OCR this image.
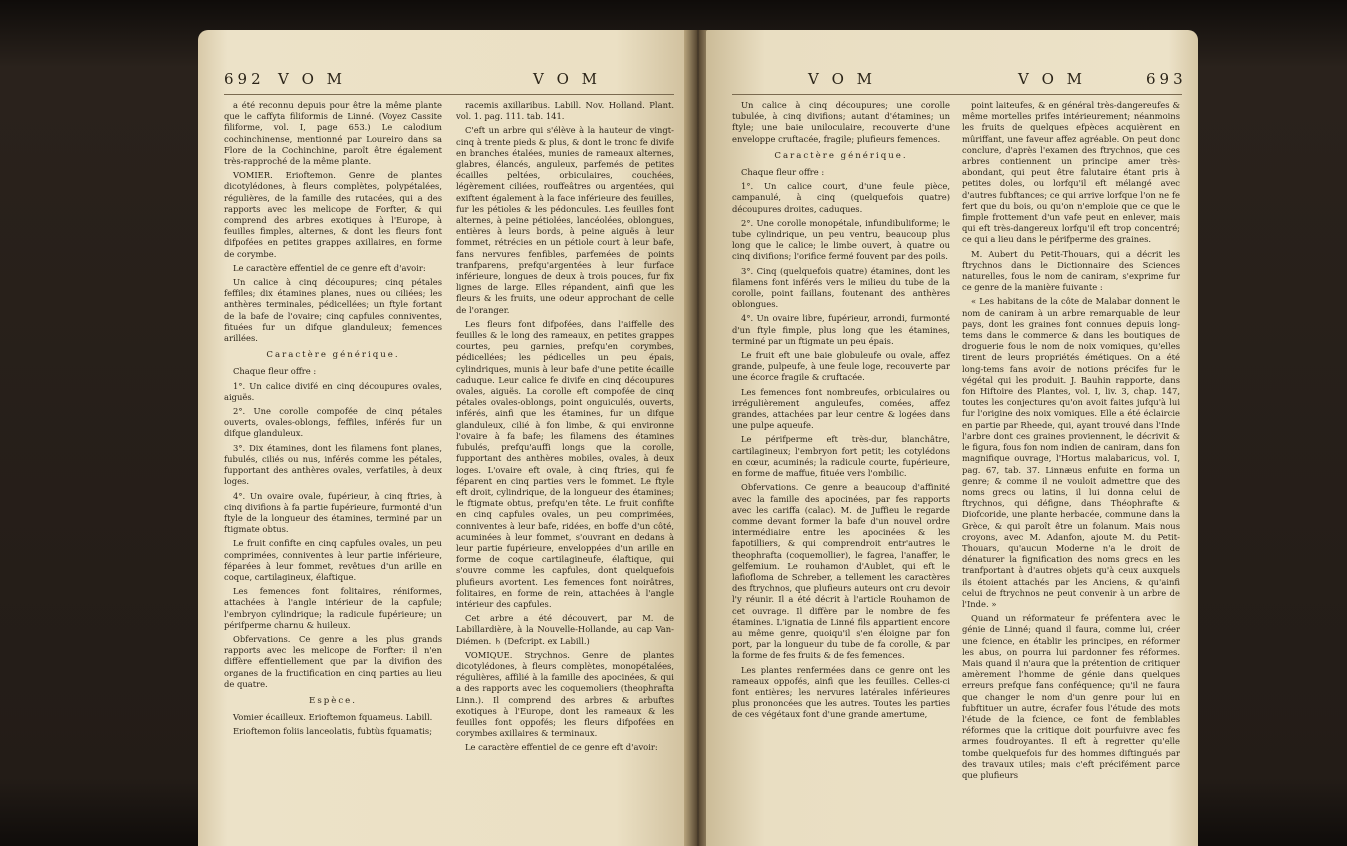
692 V O M	V O M

a été reconnu depuis pour être la même plante que le caffyta filiformis de Linné. (Voyez Cassite filiforme, vol. I, page 653.) Le calodium cochinchinense, mentionné par Loureiro dans sa Flore de la Cochinchine, paroît être également très-rapproché de la même plante.

VOMIER. Erioftemon. Genre de plantes dicotylédones, à fleurs complètes, polypétalées, régulières, de la famille des rutacées, qui a des rapports avec les melicope de Forfter, & qui comprend des arbres exotiques à l'Europe, à feuilles fimples, alternes, & dont les fleurs font difpofées en petites grappes axillaires, en forme de corymbe.

Le caractère effentiel de ce genre eft d'avoir:

Un calice à cinq découpures; cinq pétales feffiles; dix étamines planes, nues ou ciliées; les anthères terminales, pédicellées; un ftyle fortant de la bafe de l'ovaire; cinq capfules conniventes, fituées fur un difque glanduleux; femences arillées.

Caractère générique.

Chaque fleur offre :

1°. Un calice divifé en cinq découpures ovales, aiguës.

2°. Une corolle compofée de cinq pétales ouverts, ovales-oblongs, feffiles, inférés fur un difque glanduleux.

3°. Dix étamines, dont les filamens font planes, fubulés, ciliés ou nus, inférés comme les pétales, fupportant des anthères ovales, verfatiles, à deux loges.

4°. Un ovaire ovale, fupérieur, à cinq ftries, à cinq divifions à fa partie fupérieure, furmonté d'un ftyle de la longueur des étamines, terminé par un ftigmate obtus.

Le fruit confifte en cinq capfules ovales, un peu comprimées, conniventes à leur partie inférieure, féparées à leur fommet, revêtues d'un arille en coque, cartilagineux, élaftique.

Les femences font folitaires, réniformes, attachées à l'angle intérieur de la capfule; l'embryon cylindrique; la radicule fupérieure; un périfperme charnu & huileux.

Obfervations. Ce genre a les plus grands rapports avec les melicope de Forfter: il n'en diffère effentiellement que par la divifion des organes de la fructification en cinq parties au lieu de quatre.

Espèce.

Vomier écailleux. Erioftemon fquameus. Labill.

Erioftemon foliis lanceolatis, fubtùs fquamatis;

racemis axillaribus. Labill. Nov. Holland. Plant. vol. 1. pag. 111. tab. 141.

C'eft un arbre qui s'élève à la hauteur de vingt-cinq à trente pieds & plus, & dont le tronc fe divife en branches étalées, munies de rameaux alternes, glabres, élancés, anguleux, parfemés de petites écailles peltées, orbiculaires, couchées, légèrement ciliées, rouffeâtres ou argentées, qui exiftent également à la face inférieure des feuilles, fur les pétioles & les pédoncules. Les feuilles font alternes, à peine pétiolées, lancéolées, oblongues, entières à leurs bords, à peine aiguës à leur fommet, rétrécies en un pétiole court à leur bafe, fans nervures fenfibles, parfemées de points tranfparens, prefqu'argentées à leur furface inférieure, longues de deux à trois pouces, fur fix lignes de large. Elles répandent, ainfi que les fleurs & les fruits, une odeur approchant de celle de l'oranger.

Les fleurs font difpofées, dans l'aiffelle des feuilles & le long des rameaux, en petites grappes courtes, peu garnies, prefqu'en corymbes, pédicellées; les pédicelles un peu épais, cylindriques, munis à leur bafe d'une petite écaille caduque. Leur calice fe divife en cinq découpures ovales, aiguës. La corolle eft compofée de cinq pétales ovales-oblongs, point onguiculés, ouverts, inférés, ainfi que les étamines, fur un difque glanduleux, cilié à fon limbe, & qui environne l'ovaire à fa bafe; les filamens des étamines fubulés, prefqu'auffi longs que la corolle, fupportant des anthères mobiles, ovales, à deux loges. L'ovaire eft ovale, à cinq ftries, qui fe féparent en cinq parties vers le fommet. Le ftyle eft droit, cylindrique, de la longueur des étamines; le ftigmate obtus, prefqu'en tête. Le fruit confifte en cinq capfules ovales, un peu comprimées, conniventes à leur bafe, ridées, en boffe d'un côté, acuminées à leur fommet, s'ouvrant en dedans à leur partie fupérieure, enveloppées d'un arille en forme de coque cartilagineufe, élaftique, qui s'ouvre comme les capfules, dont quelquefois plufieurs avortent. Les femences font noirâtres, folitaires, en forme de rein, attachées à l'angle intérieur des capfules.

Cet arbre a été découvert, par M. de Labillardière, à la Nouvelle-Hollande, au cap Van-Diémen. ♄ (Defcript. ex Labill.)

VOMIQUE. Strychnos. Genre de plantes dicotylédones, à fleurs complètes, monopétalées, régulières, affilié à la famille des apocinées, & qui a des rapports avec les coquemoliers (theophrafta Linn.). Il comprend des arbres & arbuftes exotiques à l'Europe, dont les rameaux & les feuilles font oppofés; les fleurs difpofées en corymbes axillaires & terminaux.

Le caractère effentiel de ce genre eft d'avoir:

V O M	V O M	693

Un calice à cinq découpures; une corolle tubulée, à cinq divifions; autant d'étamines; un ftyle; une baie uniloculaire, recouverte d'une enveloppe cruftacée, fragile; plufieurs femences.

Caractère générique.

Chaque fleur offre :

1°. Un calice court, d'une feule pièce, campanulé, à cinq (quelquefois quatre) découpures droites, caduques.

2°. Une corolle monopétale, infundibuliforme; le tube cylindrique, un peu ventru, beaucoup plus long que le calice; le limbe ouvert, à quatre ou cinq divifions; l'orifice fermé fouvent par des poils.

3°. Cinq (quelquefois quatre) étamines, dont les filamens font inférés vers le milieu du tube de la corolle, point faillans, foutenant des anthères oblongues.

4°. Un ovaire libre, fupérieur, arrondi, furmonté d'un ftyle fimple, plus long que les étamines, terminé par un ftigmate un peu épais.

Le fruit eft une baie globuleufe ou ovale, affez grande, pulpeufe, à une feule loge, recouverte par une écorce fragile & cruftacée.

Les femences font nombreufes, orbiculaires ou irrégulièrement anguleufes, comées, affez grandes, attachées par leur centre & logées dans une pulpe aqueufe.

Le périfperme eft très-dur, blanchâtre, cartilagineux; l'embryon fort petit; les cotylédons en cœur, acuminés; la radicule courte, fupérieure, en forme de maffue, fituée vers l'ombilic.

Obfervations. Ce genre a beaucoup d'affinité avec la famille des apocinées, par fes rapports avec les cariffa (calac). M. de Juffieu le regarde comme devant former la bafe d'un nouvel ordre intermédiaire entre les apocinées & les fapotilliers, & qui comprendroit entr'autres le theophrafta (coquemollier), le fagrea, l'anaffer, le gelfemium. Le rouhamon d'Aublet, qui eft le lafiofloma de Schreber, a tellement les caractères des ftrychnos, que plufieurs auteurs ont cru devoir l'y réunir. Il a été décrit à l'article Rouhamon de cet ouvrage. Il diffère par le nombre de fes étamines. L'ignatia de Linné fils appartient encore au même genre, quoiqu'il s'en éloigne par fon port, par la longueur du tube de fa corolle, & par la forme de fes fruits & de fes femences.

Les plantes renfermées dans ce genre ont les rameaux oppofés, ainfi que les feuilles. Celles-ci font entières; les nervures latérales inférieures plus prononcées que les autres. Toutes les parties de ces végétaux font d'une grande amertume,

point laiteufes, & en général très-dangereufes & même mortelles prifes intérieurement; néanmoins les fruits de quelques efpèces acquièrent en mûriffant, une faveur affez agréable. On peut donc conclure, d'après l'examen des ftrychnos, que ces arbres contiennent un principe amer très-abondant, qui peut être falutaire étant pris à petites doles, ou lorfqu'il eft mélangé avec d'autres fubftances; ce qui arrive lorfque l'on ne fe fert que du bois, ou qu'on n'emploie que ce que le fimple frottement d'un vafe peut en enlever, mais qui eft très-dangereux lorfqu'il eft trop concentré; ce qui a lieu dans le périfperme des graines.

M. Aubert du Petit-Thouars, qui a décrit les ftrychnos dans le Dictionnaire des Sciences naturelles, fous le nom de caniram, s'exprime fur ce genre de la manière fuivante :

« Les habitans de la côte de Malabar donnent le nom de caniram à un arbre remarquable de leur pays, dont les graines font connues depuis long-tems dans le commerce & dans les boutiques de droguerie fous le nom de noix vomiques, qu'elles tirent de leurs propriétés émétiques. On a été long-tems fans avoir de notions précifes fur le végétal qui les produit. J. Bauhin rapporte, dans fon Hiftoire des Plantes, vol. I, liv. 3, chap. 147, toutes les conjectures qu'on avoit faites jufqu'à lui fur l'origine des noix vomiques. Elle a été éclaircie en partie par Rheede, qui, ayant trouvé dans l'Inde l'arbre dont ces graines proviennent, le décrivit & le figura, fous fon nom indien de caniram, dans fon magnifique ouvrage, l'Hortus malabaricus, vol. I, pag. 67, tab. 37. Linnæus enfuite en forma un genre; & comme il ne vouloit admettre que des noms grecs ou latins, il lui donna celui de ftrychnos, qui défigne, dans Théophrafte & Diofcoride, une plante herbacée, commune dans la Grèce, & qui paroît être un folanum. Mais nous croyons, avec M. Adanfon, ajoute M. du Petit-Thouars, qu'aucun Moderne n'a le droit de dénaturer la fignification des noms grecs en les tranfportant à d'autres objets qu'à ceux auxquels ils étoient attachés par les Anciens, & qu'ainfi celui de ftrychnos ne peut convenir à un arbre de l'Inde. »

Quand un réformateur fe préfentera avec le génie de Linné; quand il faura, comme lui, créer une fcience, en établir les principes, en réformer les abus, on pourra lui pardonner fes réformes. Mais quand il n'aura que la prétention de critiquer amèrement l'homme de génie dans quelques erreurs prefque fans conféquence; qu'il ne faura que changer le nom d'un genre pour lui en fubftituer un autre, écrafer fous l'étude des mots l'étude de la fcience, ce font de femblables réformes que la critique doit pourfuivre avec fes armes foudroyantes. Il eft à regretter qu'elle tombe quelquefois fur des hommes diftingués par des travaux utiles; mais c'eft précifément parce que plufieurs
